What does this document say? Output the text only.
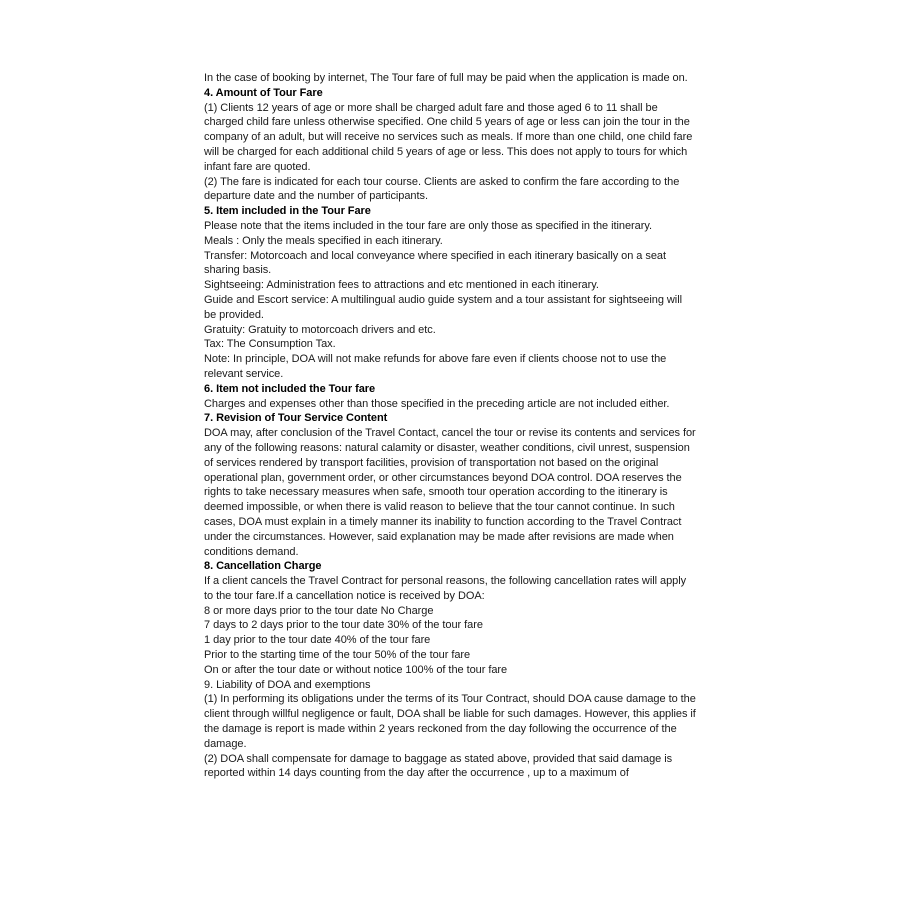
In the case of booking by internet, The Tour fare of full may be paid when the application is made on.

4. Amount of Tour Fare

(1) Clients 12 years of age or more shall be charged adult fare and those aged 6 to 11 shall be charged child fare unless otherwise specified. One child 5 years of age or less can join the tour in the company of an adult, but will receive no services such as meals. If more than one child, one child fare will be charged for each additional child 5 years of age or less. This does not apply to tours for which infant fare are quoted.

(2) The fare is indicated for each tour course. Clients are asked to confirm the fare according to the departure date and the number of participants.

5. Item included in the Tour Fare

Please note that the items included in the tour fare are only those as specified in the itinerary.

Meals : Only the meals specified in each itinerary.

Transfer: Motorcoach and local conveyance where specified in each itinerary basically on a seat sharing basis.

Sightseeing: Administration fees to attractions and etc mentioned in each itinerary.

Guide and Escort service: A multilingual audio guide system and a tour assistant for sightseeing will be provided.

Gratuity: Gratuity to motorcoach drivers and etc.

Tax: The Consumption Tax.

Note: In principle, DOA will not make refunds for above fare even if clients choose not to use the relevant service.

6. Item not included the Tour fare

Charges and expenses other than those specified in the preceding article are not included either.

7. Revision of Tour Service Content

DOA may, after conclusion of the Travel Contact, cancel the tour or revise its contents and services for any of the following reasons: natural calamity or disaster, weather conditions, civil unrest, suspension of services rendered by transport facilities, provision of transportation not based on the original operational plan, government order, or other circumstances beyond DOA control. DOA reserves the rights to take necessary measures when safe, smooth tour operation according to the itinerary is deemed impossible, or when there is valid reason to believe that the tour cannot continue. In such cases, DOA must explain in a timely manner its inability to function according to the Travel Contract under the circumstances. However, said explanation may be made after revisions are made when conditions demand.

8. Cancellation Charge

If a client cancels the Travel Contract for personal reasons, the following cancellation rates will apply to the tour fare.If a cancellation notice is received by DOA:

8 or more days prior to the tour date No Charge

7 days to 2 days prior to the tour date 30% of the tour fare

1 day prior to the tour date 40% of the tour fare

Prior to the starting time of the tour 50% of the tour fare

On or after the tour date or without notice 100% of the tour fare

9. Liability of DOA and exemptions

(1) In performing its obligations under the terms of its Tour Contract, should DOA cause damage to the client through willful negligence or fault, DOA shall be liable for such damages. However, this applies if the damage is report is made within 2 years reckoned from the day following the occurrence of the damage.

(2) DOA shall compensate for damage to baggage as stated above, provided that said damage is reported within 14 days counting from the day after the occurrence , up to a maximum of
